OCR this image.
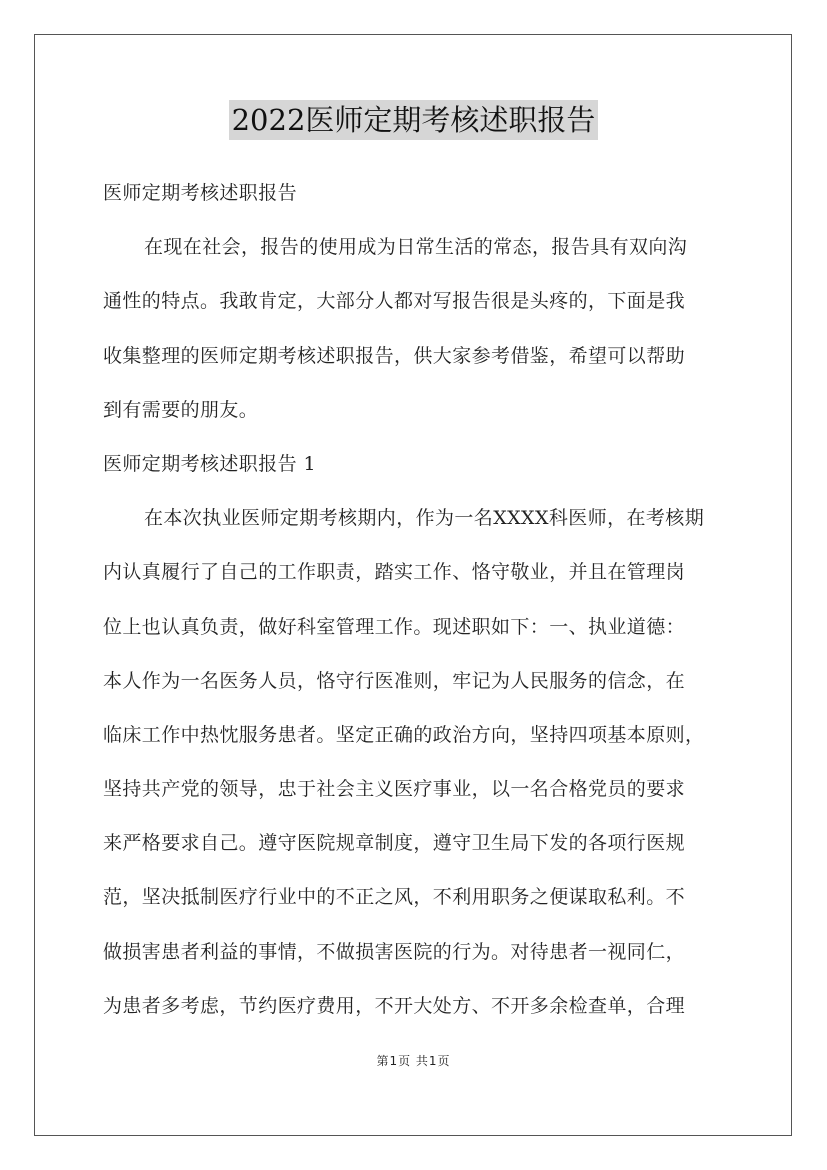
2022医师定期考核述职报告
医师定期考核述职报告
在现在社会，报告的使用成为日常生活的常态，报告具有双向沟
通性的特点。我敢肯定，大部分人都对写报告很是头疼的，下面是我
收集整理的医师定期考核述职报告，供大家参考借鉴，希望可以帮助
到有需要的朋友。
医师定期考核述职报告 1
在本次执业医师定期考核期内，作为一名XXXX科医师，在考核期
内认真履行了自己的工作职责，踏实工作、恪守敬业，并且在管理岗
位上也认真负责，做好科室管理工作。现述职如下：一、执业道德：
本人作为一名医务人员，恪守行医准则，牢记为人民服务的信念，在
临床工作中热忱服务患者。坚定正确的政治方向，坚持四项基本原则，
坚持共产党的领导，忠于社会主义医疗事业，以一名合格党员的要求
来严格要求自己。遵守医院规章制度，遵守卫生局下发的各项行医规
范，坚决抵制医疗行业中的不正之风，不利用职务之便谋取私利。不
做损害患者利益的事情，不做损害医院的行为。对待患者一视同仁，
为患者多考虑，节约医疗费用，不开大处方、不开多余检查单，合理
第1页 共1页
